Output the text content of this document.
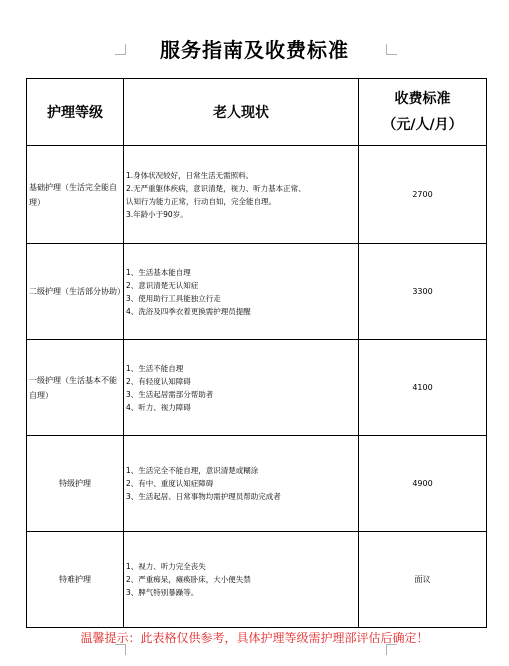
服务指南及收费标准
护理等级	老人现状	收费标准
（元/人/月）

基础护理（生活完全能自理）	1.身体状况较好，日常生活无需照料。
2.无严重躯体疾病，意识清楚，视力、听力基本正常、
认知行为能力正常，行动自如，完全能自理。
3.年龄小于90岁。	2700
二级护理（生活部分协助）	1、生活基本能自理
2、意识清楚无认知症
3、使用助行工具能独立行走
4、洗浴及四季衣着更换需护理员提醒	3300
一级护理（生活基本不能自理）	1、生活不能自理
2、有轻度认知障碍
3、生活起居需部分帮助者
4、听力、视力障碍	4100
特级护理	1、生活完全不能自理，意识清楚或糊涂
2、有中、重度认知症障碍
3、生活起居、日常事物均需护理员帮助完成者	4900
特难护理	1、视力、听力完全丧失
2、严重痴呆，瘫痪卧床，大小便失禁
3、脾气特别暴躁等。	面议
温馨提示：此表格仅供参考，具体护理等级需护理部评估后确定！
